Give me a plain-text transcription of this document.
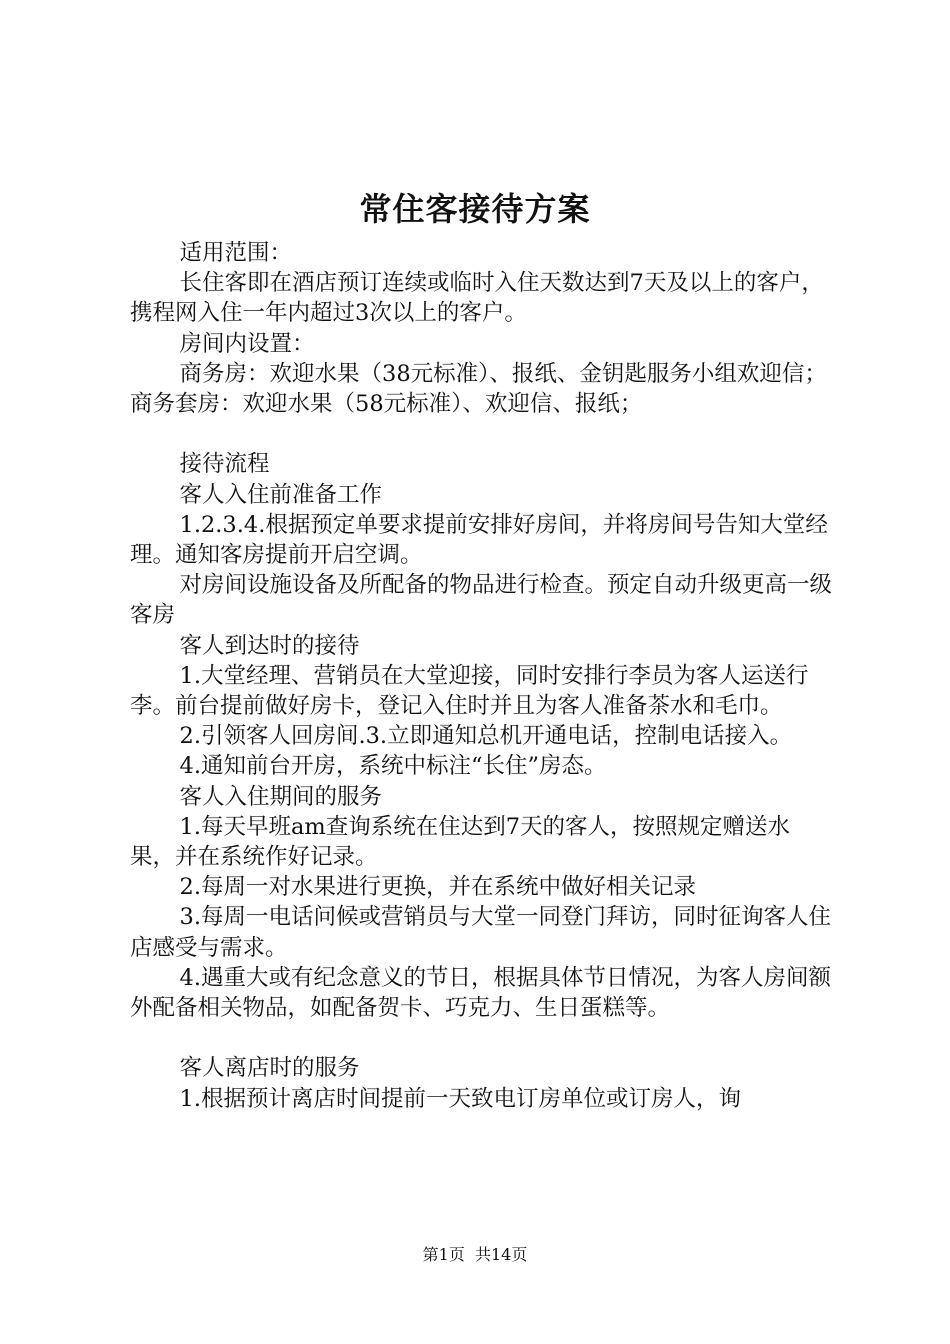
常住客接待方案

适用范围：

长住客即在酒店预订连续或临时入住天数达到7天及以上的客户，携程网入住一年内超过3次以上的客户。

房间内设置：

商务房：欢迎水果（38元标准）、报纸、金钥匙服务小组欢迎信；商务套房：欢迎水果（58元标准）、欢迎信、报纸；

接待流程

客人入住前准备工作

1.2.3.4.根据预定单要求提前安排好房间，并将房间号告知大堂经理。通知客房提前开启空调。

对房间设施设备及所配备的物品进行检查。预定自动升级更高一级客房

客人到达时的接待

1.大堂经理、营销员在大堂迎接，同时安排行李员为客人运送行李。前台提前做好房卡，登记入住时并且为客人准备茶水和毛巾。

2.引领客人回房间.3.立即通知总机开通电话，控制电话接入。

4.通知前台开房，系统中标注“长住”房态。

客人入住期间的服务

1.每天早班am查询系统在住达到7天的客人，按照规定赠送水果，并在系统作好记录。

2.每周一对水果进行更换，并在系统中做好相关记录

3.每周一电话问候或营销员与大堂一同登门拜访，同时征询客人住店感受与需求。

4.遇重大或有纪念意义的节日，根据具体节日情况，为客人房间额外配备相关物品，如配备贺卡、巧克力、生日蛋糕等。

客人离店时的服务

1.根据预计离店时间提前一天致电订房单位或订房人，询

第1页  共14页
